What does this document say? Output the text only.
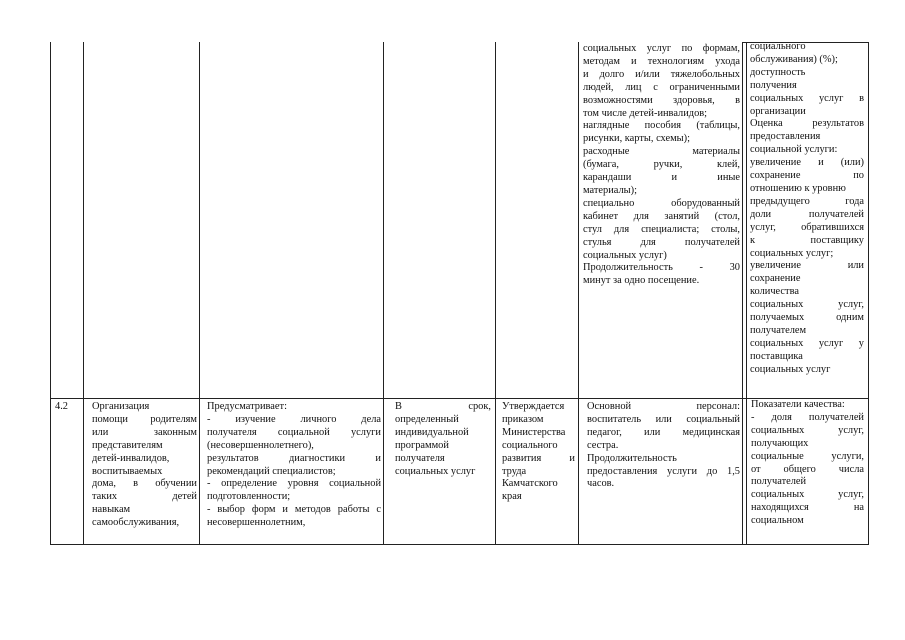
социальных услуг по формам,
методам и технологиям ухода
и долго и/или тяжелобольных
людей, лиц с ограниченными
возможностями здоровья, в
том числе детей-инвалидов;
наглядные пособия (таблицы,
рисунки, карты, схемы);
расходные материалы
(бумага, ручки, клей,
карандаши и иные
материалы);
специально оборудованный
кабинет для занятий (стол,
стул для специалиста; столы,
стулья для получателей
социальных услуг)
Продолжительность - 30
минут за одно посещение.
социального
обслуживания) (%);
доступность
получения
социальных услуг в
организации
Оценка результатов
предоставления
социальной услуги:
увеличение и (или)
сохранение по
отношению к уровню
предыдущего года
доли получателей
услуг, обратившихся
к поставщику
социальных услуг;
увеличение или
сохранение
количества
социальных услуг,
получаемых одним
получателем
социальных услуг у
поставщика
социальных услуг
4.2	Организация
помощи родителям
или законным
представителям
детей-инвалидов,
воспитываемых
дома, в обучении
таких детей
навыкам
самообслуживания,
Предусматривает:
- изучение личного дела
получателя социальной услуги
(несовершеннолетнего),
результатов диагностики и
рекомендаций специалистов;
- определение уровня социальной
подготовленности;
- выбор форм и методов работы с
несовершеннолетним,
В срок,
определенный
индивидуальной
программой
получателя
социальных услуг
Утверждается
приказом
Министерства
социального
развития и
труда
Камчатского
края
Основной персонал:
воспитатель или социальный
педагог, или медицинская
сестра.
Продолжительность
предоставления услуги до 1,5
часов.
Показатели качества:
- доля получателей
социальных услуг,
получающих
социальные услуги,
от общего числа
получателей
социальных услуг,
находящихся на
социальном
